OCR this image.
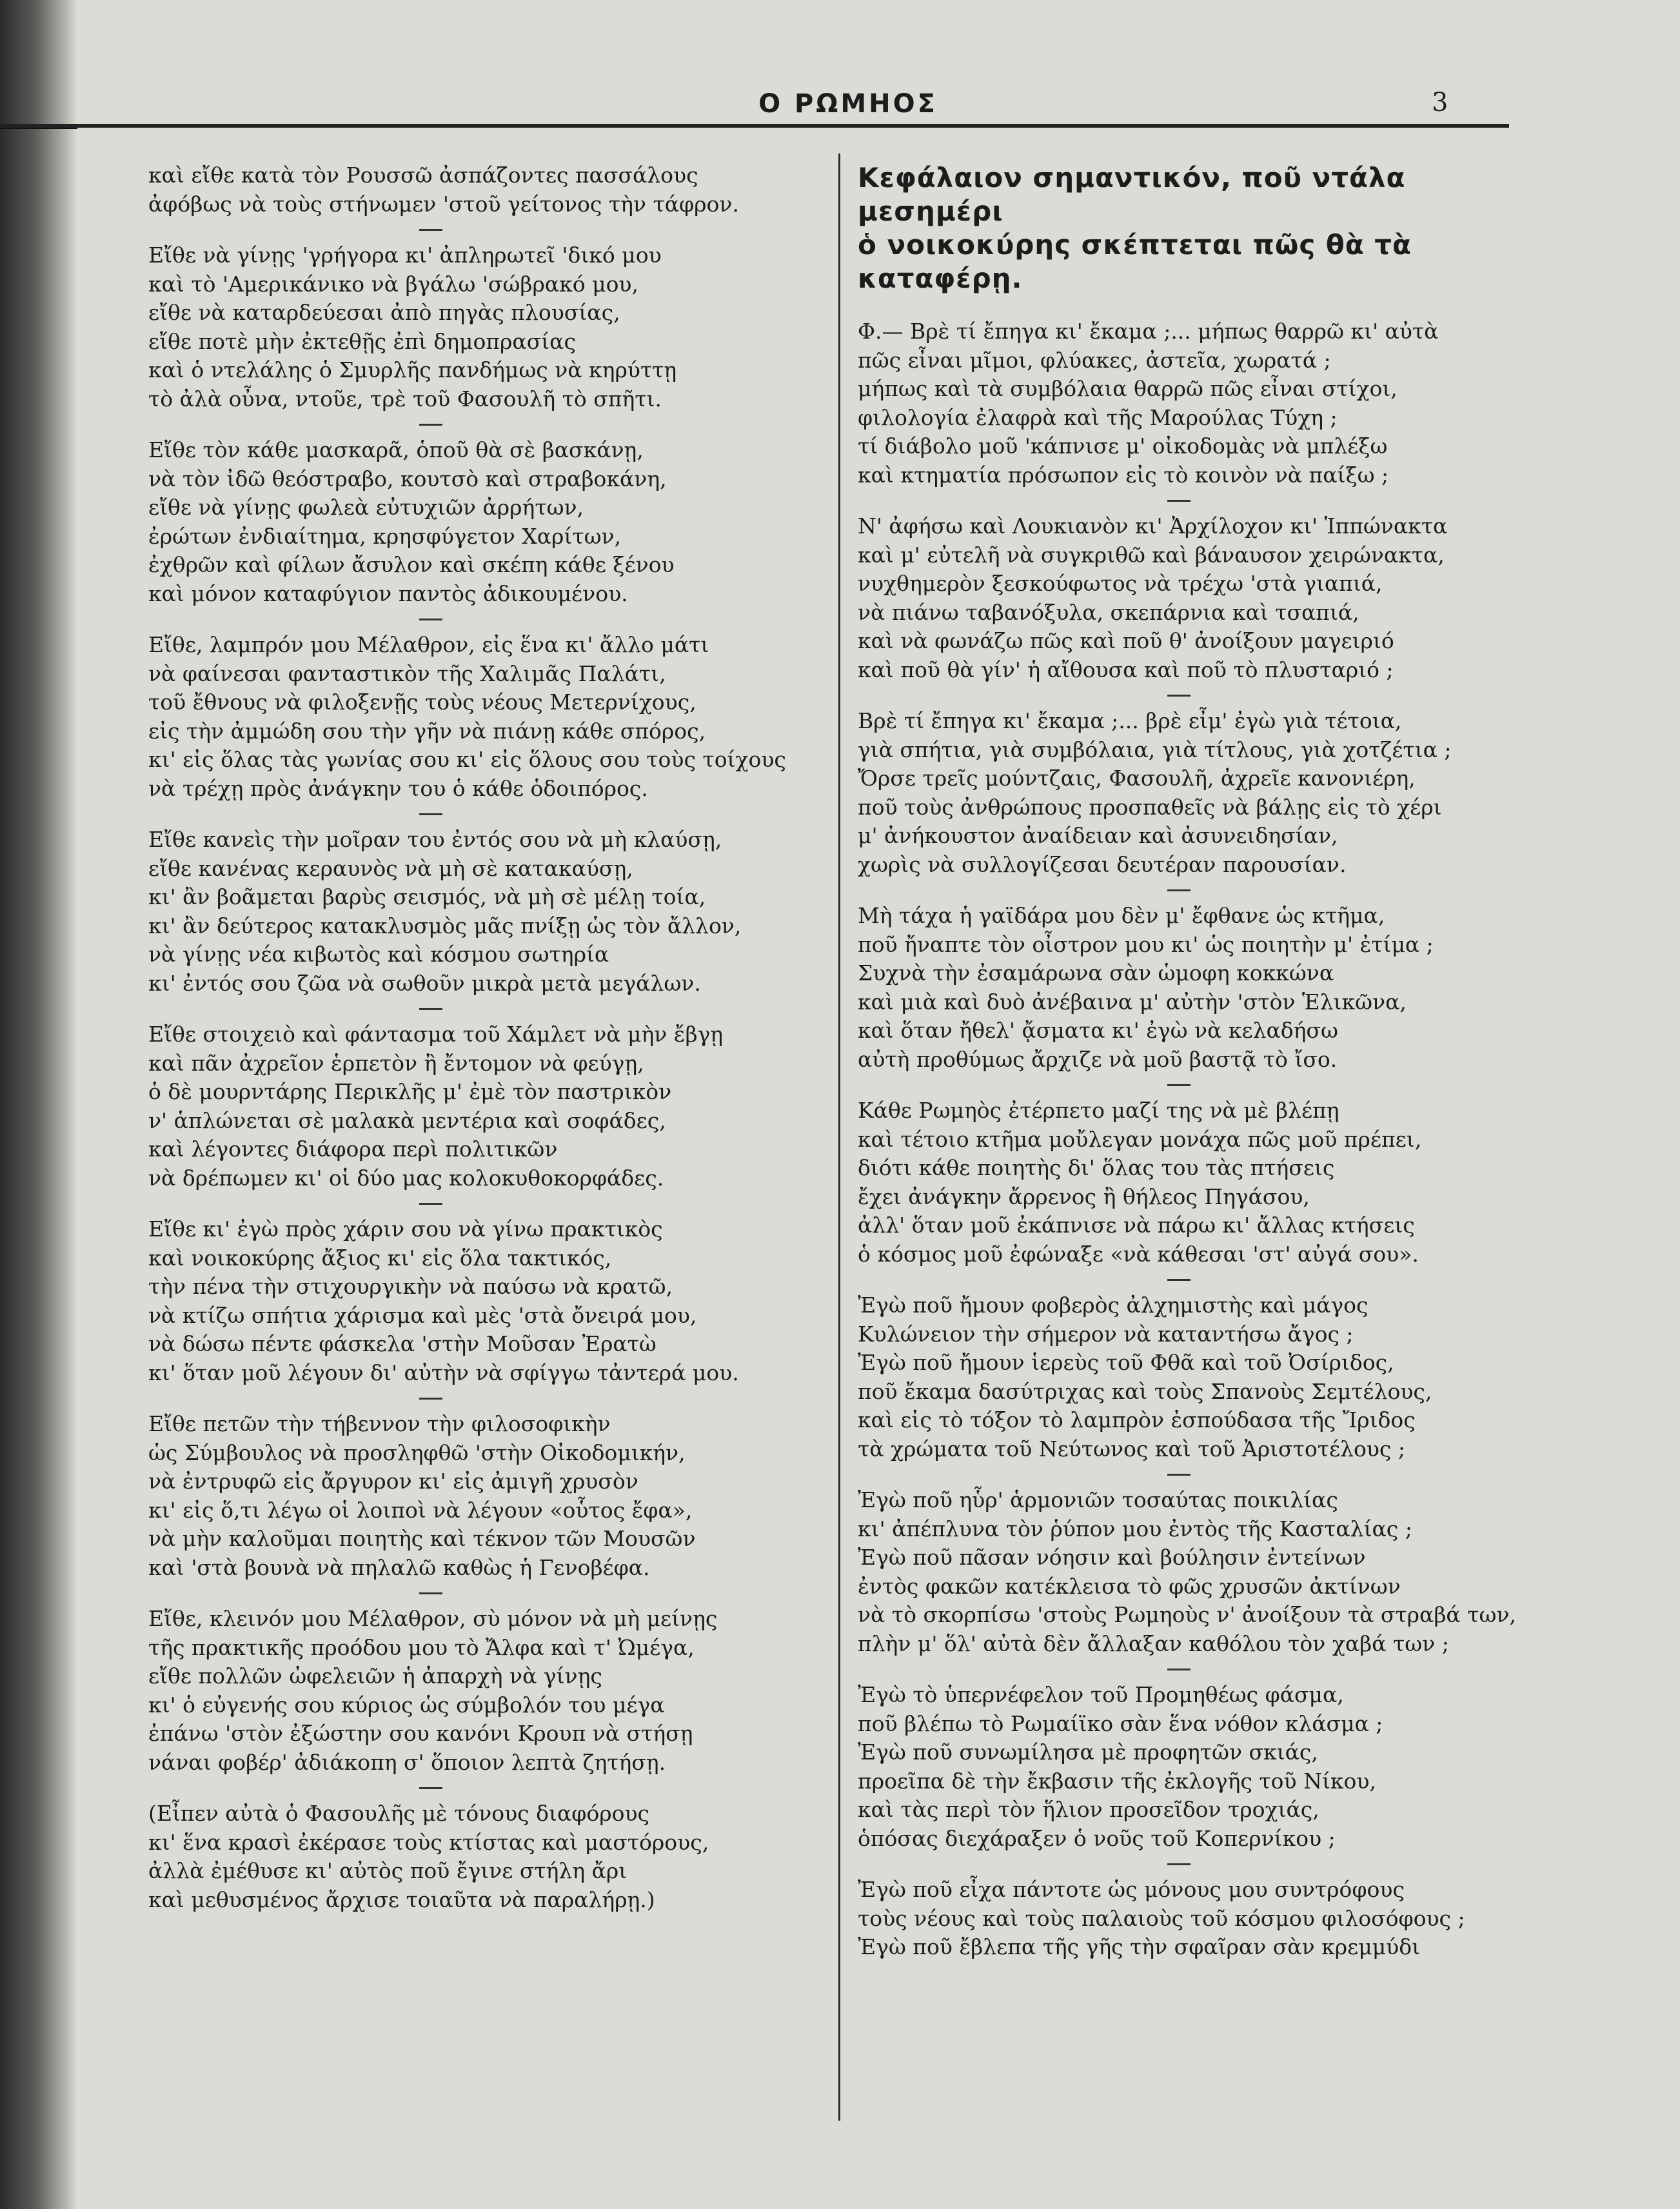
Ο ΡΩΜΗΟΣ	3
καὶ εἴθε κατὰ τὸν Ρουσσῶ ἀσπάζοντες πασσάλους
ἀφόβως νὰ τοὺς στήνωμεν 'στοῦ γείτονος τὴν τάφρον.
Εἴθε νὰ γίνῃς 'γρήγορα κι' ἀπληρωτεῖ 'δικό μου
καὶ τὸ 'Αμερικάνικο νὰ βγάλω 'σώβρακό μου,
εἴθε νὰ καταρδεύεσαι ἀπὸ πηγὰς πλουσίας,
εἴθε ποτὲ μὴν ἐκτεθῇς ἐπὶ δημοπρασίας
καὶ ὁ ντελάλης ὁ Σμυρλῆς πανδήμως νὰ κηρύττῃ
τὸ ἀλὰ οὖνα, ντοῦε, τρὲ τοῦ Φασουλῆ τὸ σπῆτι.
Εἴθε τὸν κάθε μασκαρᾶ, ὁποῦ θὰ σὲ βασκάνῃ,
νὰ τὸν ἰδῶ θεόστραβο, κουτσὸ καὶ στραβοκάνη,
εἴθε νὰ γίνῃς φωλεὰ εὐτυχιῶν ἀρρήτων,
ἐρώτων ἐνδιαίτημα, κρησφύγετον Χαρίτων,
ἐχθρῶν καὶ φίλων ἄσυλον καὶ σκέπη κάθε ξένου
καὶ μόνον καταφύγιον παντὸς ἀδικουμένου.
Εἴθε, λαμπρόν μου Μέλαθρον, εἰς ἕνα κι' ἄλλο μάτι
νὰ φαίνεσαι φανταστικὸν τῆς Χαλιμᾶς Παλάτι,
τοῦ ἔθνους νὰ φιλοξενῇς τοὺς νέους Μετερνίχους,
εἰς τὴν ἀμμώδη σου τὴν γῆν νὰ πιάνῃ κάθε σπόρος,
κι' εἰς ὅλας τὰς γωνίας σου κι' εἰς ὅλους σου τοὺς τοίχους
νὰ τρέχῃ πρὸς ἀνάγκην του ὁ κάθε ὁδοιπόρος.
Εἴθε κανεὶς τὴν μοῖραν του ἐντός σου νὰ μὴ κλαύσῃ,
εἴθε κανένας κεραυνὸς νὰ μὴ σὲ κατακαύσῃ,
κι' ἂν βοᾶμεται βαρὺς σεισμός, νὰ μὴ σὲ μέλῃ τοία,
κι' ἂν δεύτερος κατακλυσμὸς μᾶς πνίξῃ ὡς τὸν ἄλλον,
νὰ γίνῃς νέα κιβωτὸς καὶ κόσμου σωτηρία
κι' ἐντός σου ζῶα νὰ σωθοῦν μικρὰ μετὰ μεγάλων.
Εἴθε στοιχειὸ καὶ φάντασμα τοῦ Χάμλετ νὰ μὴν ἔβγῃ
καὶ πᾶν ἀχρεῖον ἑρπετὸν ἢ ἔντομον νὰ φεύγῃ,
ὁ δὲ μουρντάρης Περικλῆς μ' ἐμὲ τὸν παστρικὸν
ν' ἁπλώνεται σὲ μαλακὰ μεντέρια καὶ σοφάδες,
καὶ λέγοντες διάφορα περὶ πολιτικῶν
νὰ δρέπωμεν κι' οἱ δύο μας κολοκυθοκορφάδες.
Εἴθε κι' ἐγὼ πρὸς χάριν σου νὰ γίνω πρακτικὸς
καὶ νοικοκύρης ἄξιος κι' εἰς ὅλα τακτικός,
τὴν πένα τὴν στιχουργικὴν νὰ παύσω νὰ κρατῶ,
νὰ κτίζω σπήτια χάρισμα καὶ μὲς 'στὰ ὄνειρά μου,
νὰ δώσω πέντε φάσκελα 'στὴν Μοῦσαν Ἐρατὼ
κι' ὅταν μοῦ λέγουν δι' αὐτὴν νὰ σφίγγω τἀντερά μου.
Εἴθε πετῶν τὴν τήβεννον τὴν φιλοσοφικὴν
ὡς Σύμβουλος νὰ προσληφθῶ 'στὴν Οἰκοδομικήν,
νὰ ἐντρυφῶ εἰς ἄργυρον κι' εἰς ἀμιγῆ χρυσὸν
κι' εἰς ὅ,τι λέγω οἱ λοιποὶ νὰ λέγουν «οὗτος ἔφα»,
νὰ μὴν καλοῦμαι ποιητὴς καὶ τέκνον τῶν Μουσῶν
καὶ 'στὰ βουνὰ νὰ πηλαλῶ καθὼς ἡ Γενοβέφα.
Εἴθε, κλεινόν μου Μέλαθρον, σὺ μόνον νὰ μὴ μείνῃς
τῆς πρακτικῆς προόδου μου τὸ Ἄλφα καὶ τ' Ὠμέγα,
εἴθε πολλῶν ὠφελειῶν ἡ ἀπαρχὴ νὰ γίνῃς
κι' ὁ εὐγενής σου κύριος ὡς σύμβολόν του μέγα
ἐπάνω 'στὸν ἐξώστην σου κανόνι Κρουπ νὰ στήσῃ
νάναι φοβέρ' ἀδιάκοπη σ' ὅποιον λεπτὰ ζητήσῃ.
(Εἶπεν αὐτὰ ὁ Φασουλῆς μὲ τόνους διαφόρους
κι' ἕνα κρασὶ ἐκέρασε τοὺς κτίστας καὶ μαστόρους,
ἀλλὰ ἐμέθυσε κι' αὐτὸς ποῦ ἔγινε στήλη ἄρι
καὶ μεθυσμένος ἄρχισε τοιαῦτα νὰ παραλήρῃ.)
Κεφάλαιον σημαντικόν, ποῦ ντάλα μεσημέρι
ὁ νοικοκύρης σκέπτεται πῶς θὰ τὰ καταφέρῃ.
Φ.— Βρὲ τί ἔπηγα κι' ἔκαμα ;... μήπως θαρρῶ κι' αὐτὰ
πῶς εἶναι μῖμοι, φλύακες, ἀστεῖα, χωρατά ;
μήπως καὶ τὰ συμβόλαια θαρρῶ πῶς εἶναι στίχοι,
φιλολογία ἐλαφρὰ καὶ τῆς Μαρούλας Τύχη ;
τί διάβολο μοῦ 'κάπνισε μ' οἰκοδομὰς νὰ μπλέξω
καὶ κτηματία πρόσωπον εἰς τὸ κοινὸν νὰ παίξω ;
Ν' ἀφήσω καὶ Λουκιανὸν κι' Ἀρχίλοχον κι' Ἱππώνακτα
καὶ μ' εὐτελῆ νὰ συγκριθῶ καὶ βάναυσον χειρώνακτα,
νυχθημερὸν ξεσκούφωτος νὰ τρέχω 'στὰ γιαπιά,
νὰ πιάνω ταβανόξυλα, σκεπάρνια καὶ τσαπιά,
καὶ νὰ φωνάζω πῶς καὶ ποῦ θ' ἀνοίξουν μαγειριό
καὶ ποῦ θὰ γίν' ἡ αἴθουσα καὶ ποῦ τὸ πλυσταριό ;
Βρὲ τί ἔπηγα κι' ἔκαμα ;... βρὲ εἶμ' ἐγὼ γιὰ τέτοια,
γιὰ σπήτια, γιὰ συμβόλαια, γιὰ τίτλους, γιὰ χοτζέτια ;
Ὄρσε τρεῖς μούντζαις, Φασουλῆ, ἀχρεῖε κανονιέρη,
ποῦ τοὺς ἀνθρώπους προσπαθεῖς νὰ βάλῃς εἰς τὸ χέρι
μ' ἀνήκουστον ἀναίδειαν καὶ ἀσυνειδησίαν,
χωρὶς νὰ συλλογίζεσαι δευτέραν παρουσίαν.
Μὴ τάχα ἡ γαϊδάρα μου δὲν μ' ἔφθανε ὡς κτῆμα,
ποῦ ἤναπτε τὸν οἶστρον μου κι' ὡς ποιητὴν μ' ἐτίμα ;
Συχνὰ τὴν ἐσαμάρωνα σὰν ὡμοφη κοκκώνα
καὶ μιὰ καὶ δυὸ ἀνέβαινα μ' αὐτὴν 'στὸν Ἑλικῶνα,
καὶ ὅταν ἤθελ' ᾄσματα κι' ἐγὼ νὰ κελαδήσω
αὐτὴ προθύμως ἄρχιζε νὰ μοῦ βαστᾷ τὸ ἴσο.
Κάθε Ρωμηὸς ἐτέρπετο μαζί της νὰ μὲ βλέπῃ
καὶ τέτοιο κτῆμα μοὔλεγαν μονάχα πῶς μοῦ πρέπει,
διότι κάθε ποιητὴς δι' ὅλας του τὰς πτήσεις
ἔχει ἀνάγκην ἄρρενος ἢ θήλεος Πηγάσου,
ἀλλ' ὅταν μοῦ ἐκάπνισε νὰ πάρω κι' ἄλλας κτήσεις
ὁ κόσμος μοῦ ἐφώναξε «νὰ κάθεσαι 'στ' αὐγά σου».
Ἐγὼ ποῦ ἤμουν φοβερὸς ἀλχημιστὴς καὶ μάγος
Κυλώνειον τὴν σήμερον νὰ καταντήσω ἄγος ;
Ἐγὼ ποῦ ἤμουν ἱερεὺς τοῦ Φθᾶ καὶ τοῦ Ὀσίριδος,
ποῦ ἔκαμα δασύτριχας καὶ τοὺς Σπανοὺς Σεμτέλους,
καὶ εἰς τὸ τόξον τὸ λαμπρὸν ἐσπούδασα τῆς Ἴριδος
τὰ χρώματα τοῦ Νεύτωνος καὶ τοῦ Ἀριστοτέλους ;
Ἐγὼ ποῦ ηὗρ' ἁρμονιῶν τοσαύτας ποικιλίας
κι' ἀπέπλυνα τὸν ῥύπον μου ἐντὸς τῆς Κασταλίας ;
Ἐγὼ ποῦ πᾶσαν νόησιν καὶ βούλησιν ἐντείνων
ἐντὸς φακῶν κατέκλεισα τὸ φῶς χρυσῶν ἀκτίνων
νὰ τὸ σκορπίσω 'στοὺς Ρωμηοὺς ν' ἀνοίξουν τὰ στραβά των,
πλὴν μ' ὅλ' αὐτὰ δὲν ἄλλαξαν καθόλου τὸν χαβά των ;
Ἐγὼ τὸ ὑπερνέφελον τοῦ Προμηθέως φάσμα,
ποῦ βλέπω τὸ Ρωμαίϊκο σὰν ἕνα νόθον κλάσμα ;
Ἐγὼ ποῦ συνωμίλησα μὲ προφητῶν σκιάς,
προεῖπα δὲ τὴν ἔκβασιν τῆς ἐκλογῆς τοῦ Νίκου,
καὶ τὰς περὶ τὸν ἥλιον προσεῖδον τροχιάς,
ὁπόσας διεχάραξεν ὁ νοῦς τοῦ Κοπερνίκου ;
Ἐγὼ ποῦ εἶχα πάντοτε ὡς μόνους μου συντρόφους
τοὺς νέους καὶ τοὺς παλαιοὺς τοῦ κόσμου φιλοσόφους ;
Ἐγὼ ποῦ ἔβλεπα τῆς γῆς τὴν σφαῖραν σὰν κρεμμύδι
